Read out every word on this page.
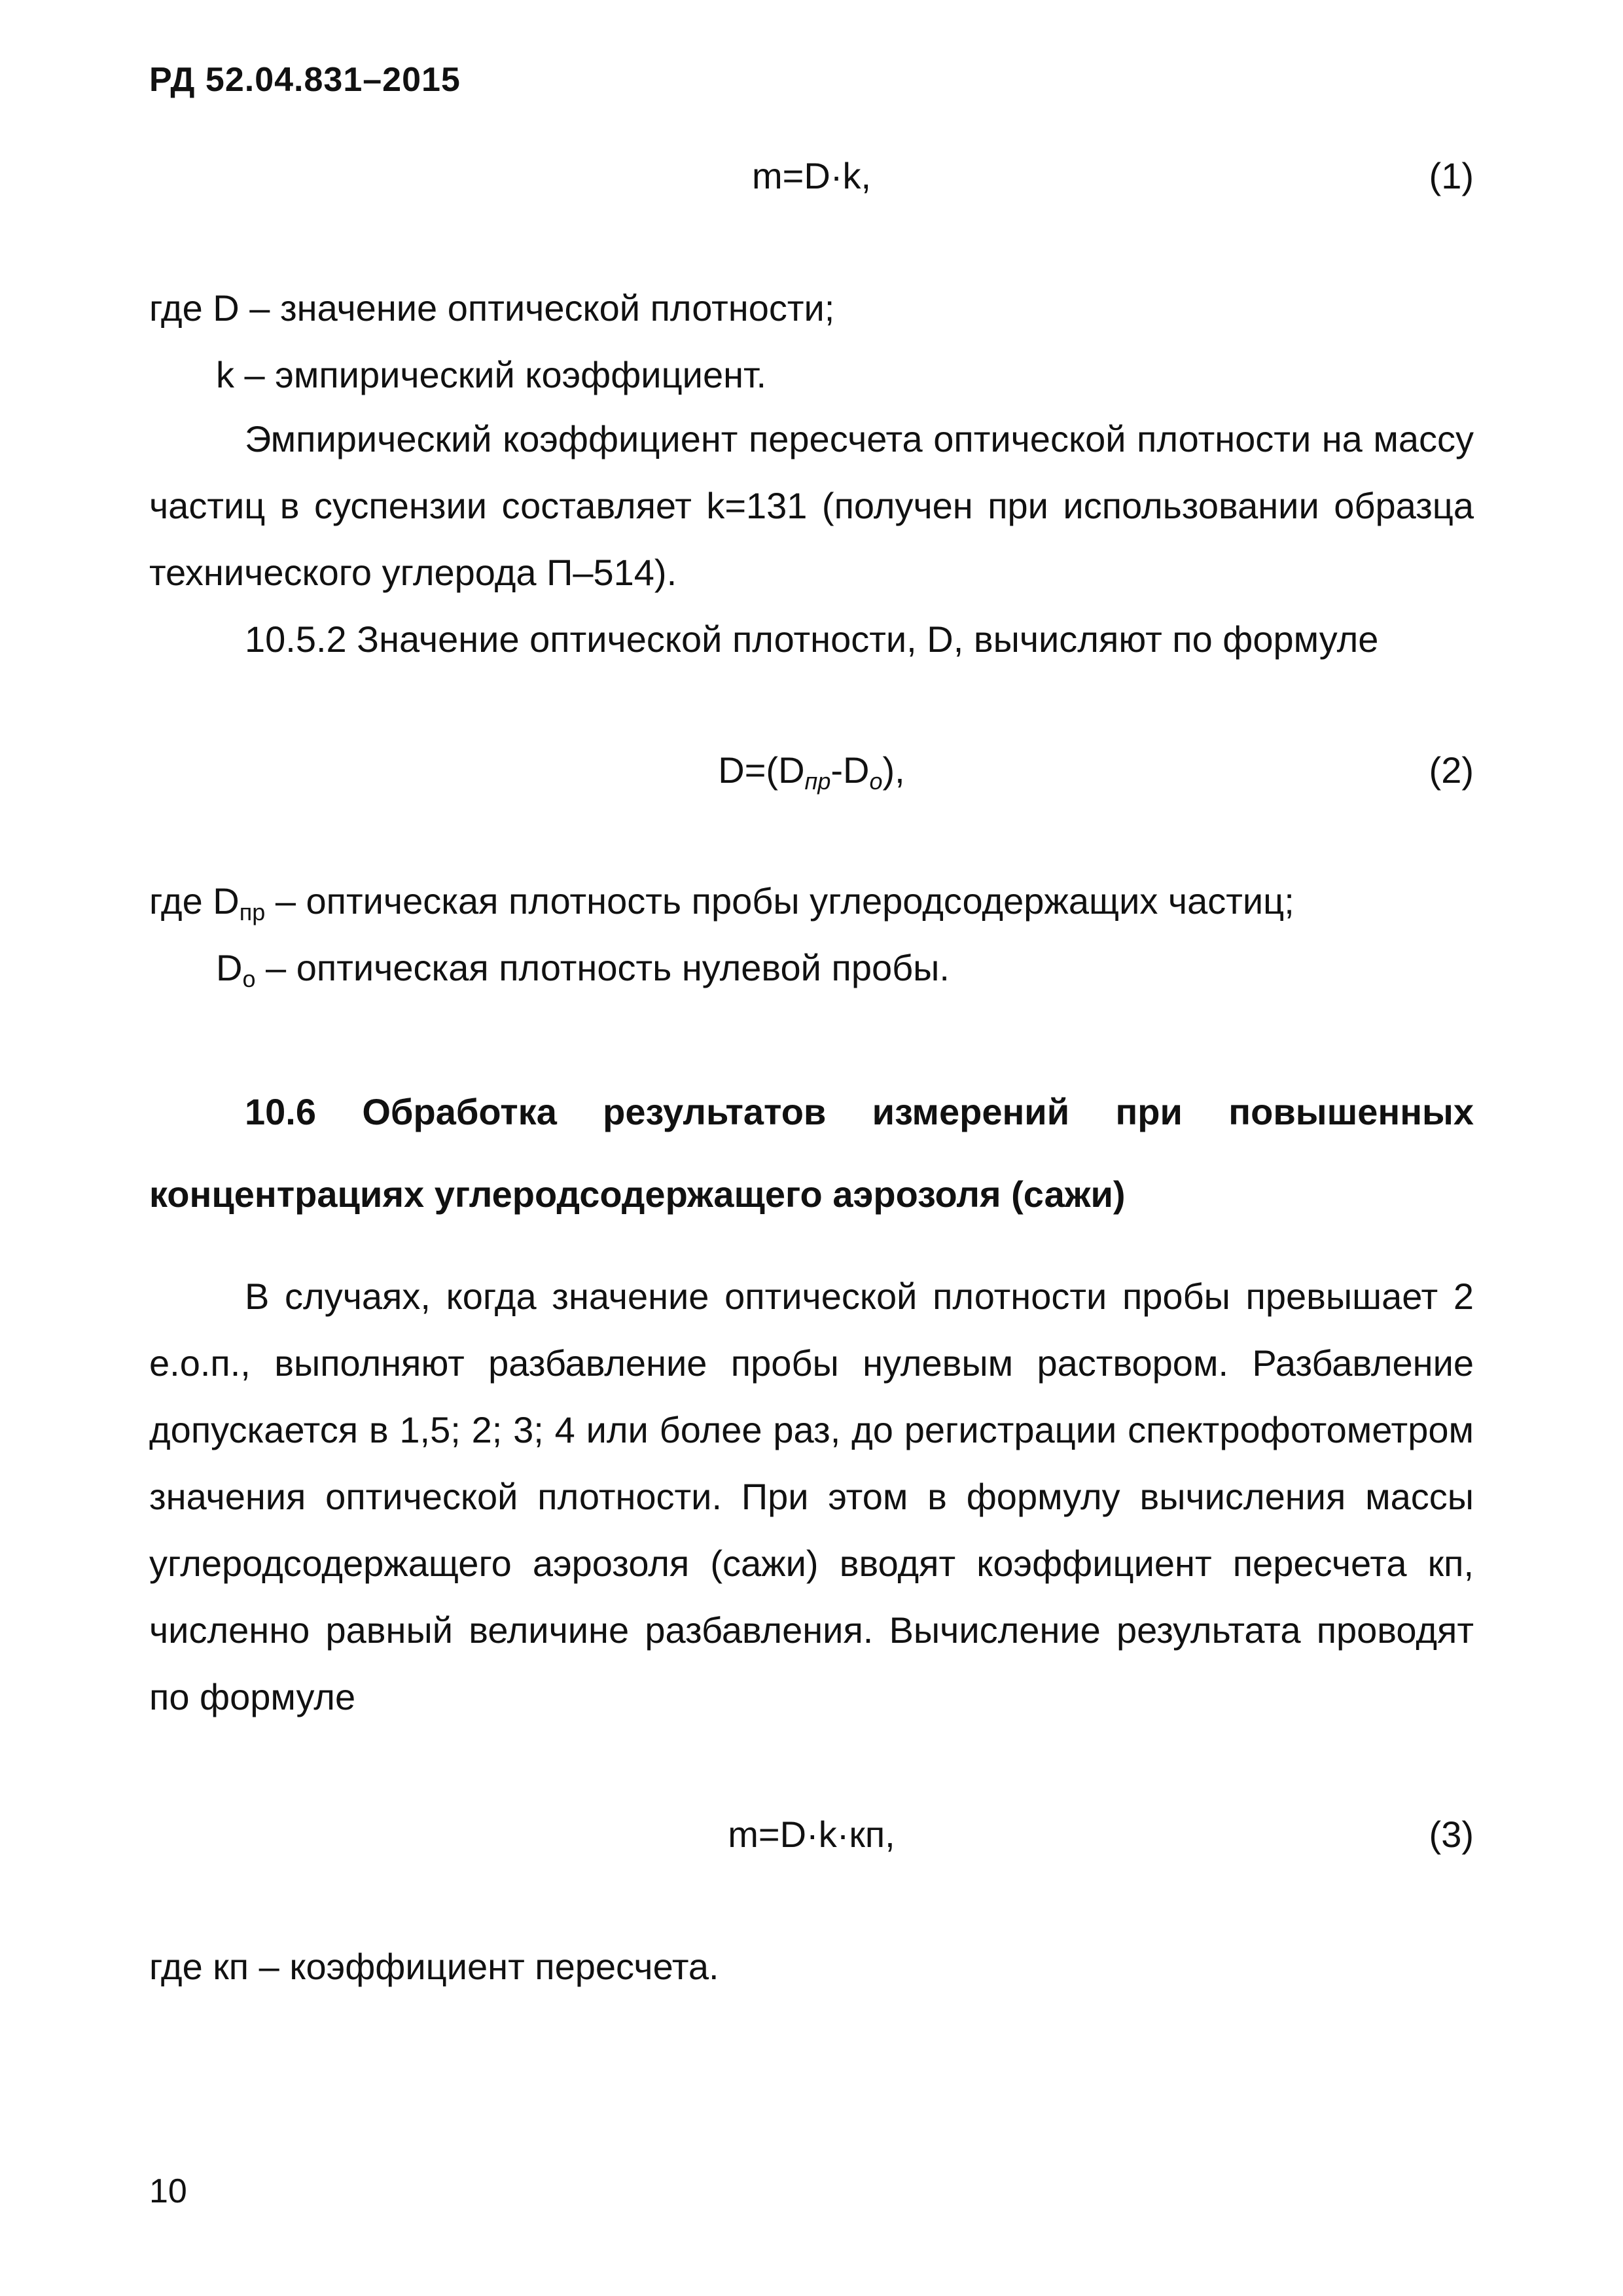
РД 52.04.831–2015
m=D·k,	(1)
где D – значение оптической плотности;
k – эмпирический коэффициент.
Эмпирический коэффициент пересчета оптической плотности на массу частиц в суспензии составляет k=131 (получен при использовании образца технического углерода П–514).
10.5.2 Значение оптической плотности, D, вычисляют по формуле
$D=(D_{пр}-D_о)$,	(2)
где $D_{пр}$ – оптическая плотность пробы углеродсодержащих частиц;
$D_о$ – оптическая плотность нулевой пробы.
10.6 Обработка результатов измерений при повышенных концентрациях углеродсодержащего аэрозоля (сажи)
В случаях, когда значение оптической плотности пробы превышает 2 е.о.п., выполняют разбавление пробы нулевым раствором. Разбавление допускается в 1,5; 2; 3; 4 или более раз, до регистрации спектрофотометром значения оптической плотности. При этом в формулу вычисления массы углеродсодержащего аэрозоля (сажи) вводят коэффициент пересчета кп, численно равный величине разбавления. Вычисление результата проводят по формуле
m=D·k·кп,	(3)
где кп – коэффициент пересчета.
10
